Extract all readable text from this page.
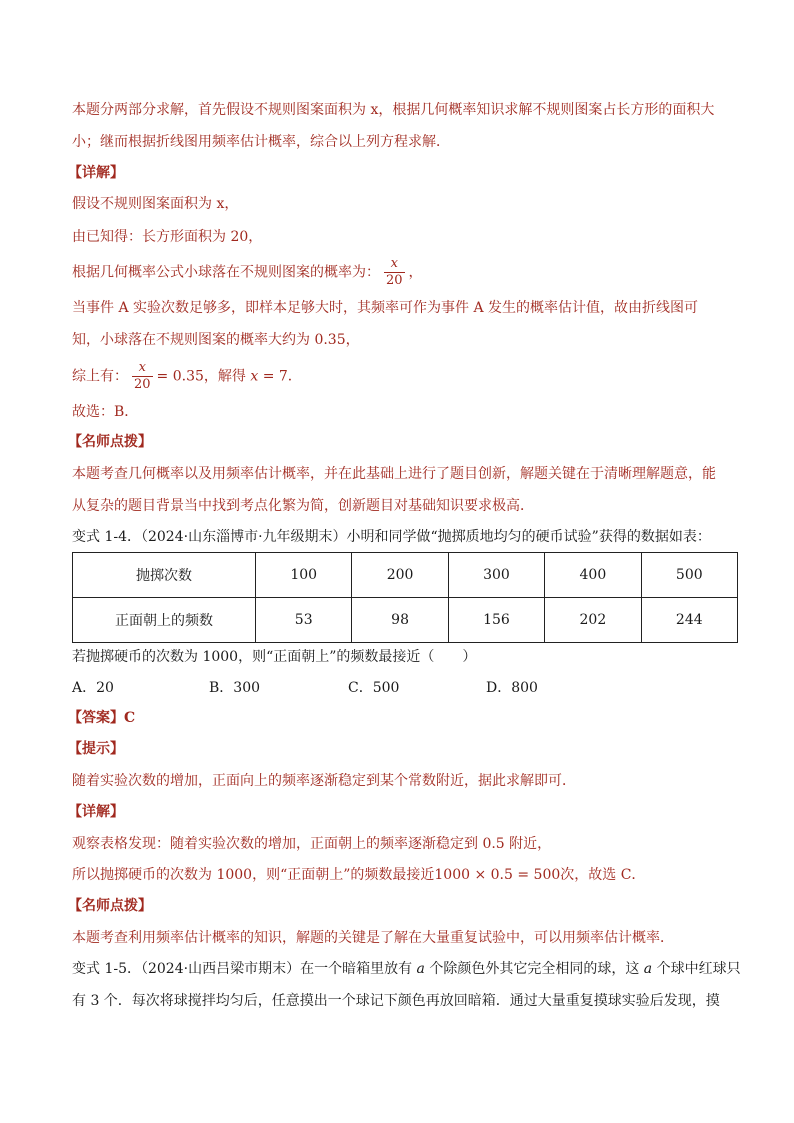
本题分两部分求解，首先假设不规则图案面积为 x，根据几何概率知识求解不规则图案占长方形的面积大
小；继而根据折线图用频率估计概率，综合以上列方程求解．
【详解】
假设不规则图案面积为 x，
由已知得：长方形面积为 20，
根据几何概率公式小球落在不规则图案的概率为： $\frac{x}{20}$ ，
当事件 A 实验次数足够多，即样本足够大时，其频率可作为事件 A 发生的概率估计值，故由折线图可
知，小球落在不规则图案的概率大约为 0.35，
综上有： $\frac{x}{20} = 0.35$，解得 x = 7．
故选：B．
【名师点拨】
本题考查几何概率以及用频率估计概率，并在此基础上进行了题目创新，解题关键在于清晰理解题意，能
从复杂的题目背景当中找到考点化繁为简，创新题目对基础知识要求极高．
变式 1-4．（2024·山东淄博市·九年级期末）小明和同学做“抛掷质地均匀的硬币试验”获得的数据如表：
抛掷次数	100	200	300	400	500
正面朝上的频数	53	98	156	202	244
若抛掷硬币的次数为 1000，则“正面朝上”的频数最接近（　　）
A．20	B．300	C．500	D．800
【答案】C
【提示】
随着实验次数的增加，正面向上的频率逐渐稳定到某个常数附近，据此求解即可．
【详解】
观察表格发现：随着实验次数的增加，正面朝上的频率逐渐稳定到 0.5 附近，
所以抛掷硬币的次数为 1000，则“正面朝上”的频数最接近1000 × 0.5 = 500次，故选 C．
【名师点拨】
本题考查利用频率估计概率的知识，解题的关键是了解在大量重复试验中，可以用频率估计概率．
变式 1-5．（2024·山西吕梁市期末）在一个暗箱里放有 a 个除颜色外其它完全相同的球，这 a 个球中红球只
有 3 个．每次将球搅拌均匀后，任意摸出一个球记下颜色再放回暗箱．通过大量重复摸球实验后发现，摸
